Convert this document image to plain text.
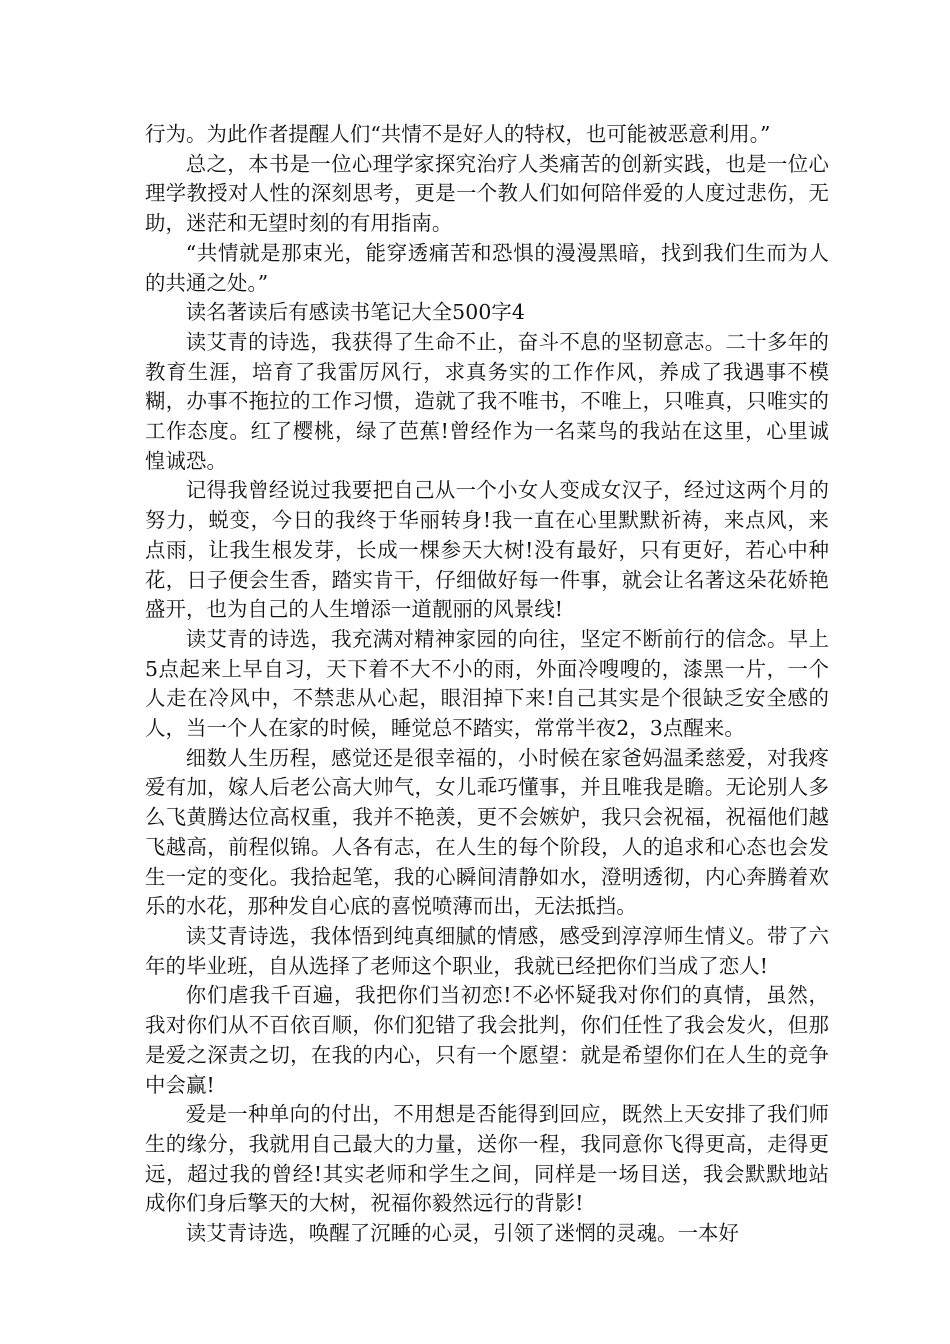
行为。为此作者提醒人们“共情不是好人的特权，也可能被恶意利用。”

总之，本书是一位心理学家探究治疗人类痛苦的创新实践，也是一位心理学教授对人性的深刻思考，更是一个教人们如何陪伴爱的人度过悲伤，无助，迷茫和无望时刻的有用指南。

“共情就是那束光，能穿透痛苦和恐惧的漫漫黑暗，找到我们生而为人的共通之处。”

读名著读后有感读书笔记大全500字4

读艾青的诗选，我获得了生命不止，奋斗不息的坚韧意志。二十多年的教育生涯，培育了我雷厉风行，求真务实的工作作风，养成了我遇事不模糊，办事不拖拉的工作习惯，造就了我不唯书，不唯上，只唯真，只唯实的工作态度。红了樱桃，绿了芭蕉!曾经作为一名菜鸟的我站在这里，心里诚惶诚恐。

记得我曾经说过我要把自己从一个小女人变成女汉子，经过这两个月的努力，蜕变，今日的我终于华丽转身!我一直在心里默默祈祷，来点风，来点雨，让我生根发芽，长成一棵参天大树!没有最好，只有更好，若心中种花，日子便会生香，踏实肯干，仔细做好每一件事，就会让名著这朵花娇艳盛开，也为自己的人生增添一道靓丽的风景线!

读艾青的诗选，我充满对精神家园的向往，坚定不断前行的信念。早上5点起来上早自习，天下着不大不小的雨，外面冷嗖嗖的，漆黑一片，一个人走在冷风中，不禁悲从心起，眼泪掉下来!自己其实是个很缺乏安全感的人，当一个人在家的时候，睡觉总不踏实，常常半夜2，3点醒来。

细数人生历程，感觉还是很幸福的，小时候在家爸妈温柔慈爱，对我疼爱有加，嫁人后老公高大帅气，女儿乖巧懂事，并且唯我是瞻。无论别人多么飞黄腾达位高权重，我并不艳羡，更不会嫉妒，我只会祝福，祝福他们越飞越高，前程似锦。人各有志，在人生的每个阶段，人的追求和心态也会发生一定的变化。我拾起笔，我的心瞬间清静如水，澄明透彻，内心奔腾着欢乐的水花，那种发自心底的喜悦喷薄而出，无法抵挡。

读艾青诗选，我体悟到纯真细腻的情感，感受到淳淳师生情义。带了六年的毕业班，自从选择了老师这个职业，我就已经把你们当成了恋人!

你们虐我千百遍，我把你们当初恋!不必怀疑我对你们的真情，虽然，我对你们从不百依百顺，你们犯错了我会批判，你们任性了我会发火，但那是爱之深责之切，在我的内心，只有一个愿望：就是希望你们在人生的竞争中会赢!

爱是一种单向的付出，不用想是否能得到回应，既然上天安排了我们师生的缘分，我就用自己最大的力量，送你一程，我同意你飞得更高，走得更远，超过我的曾经!其实老师和学生之间，同样是一场目送，我会默默地站成你们身后擎天的大树，祝福你毅然远行的背影!

读艾青诗选，唤醒了沉睡的心灵，引领了迷惘的灵魂。一本好
